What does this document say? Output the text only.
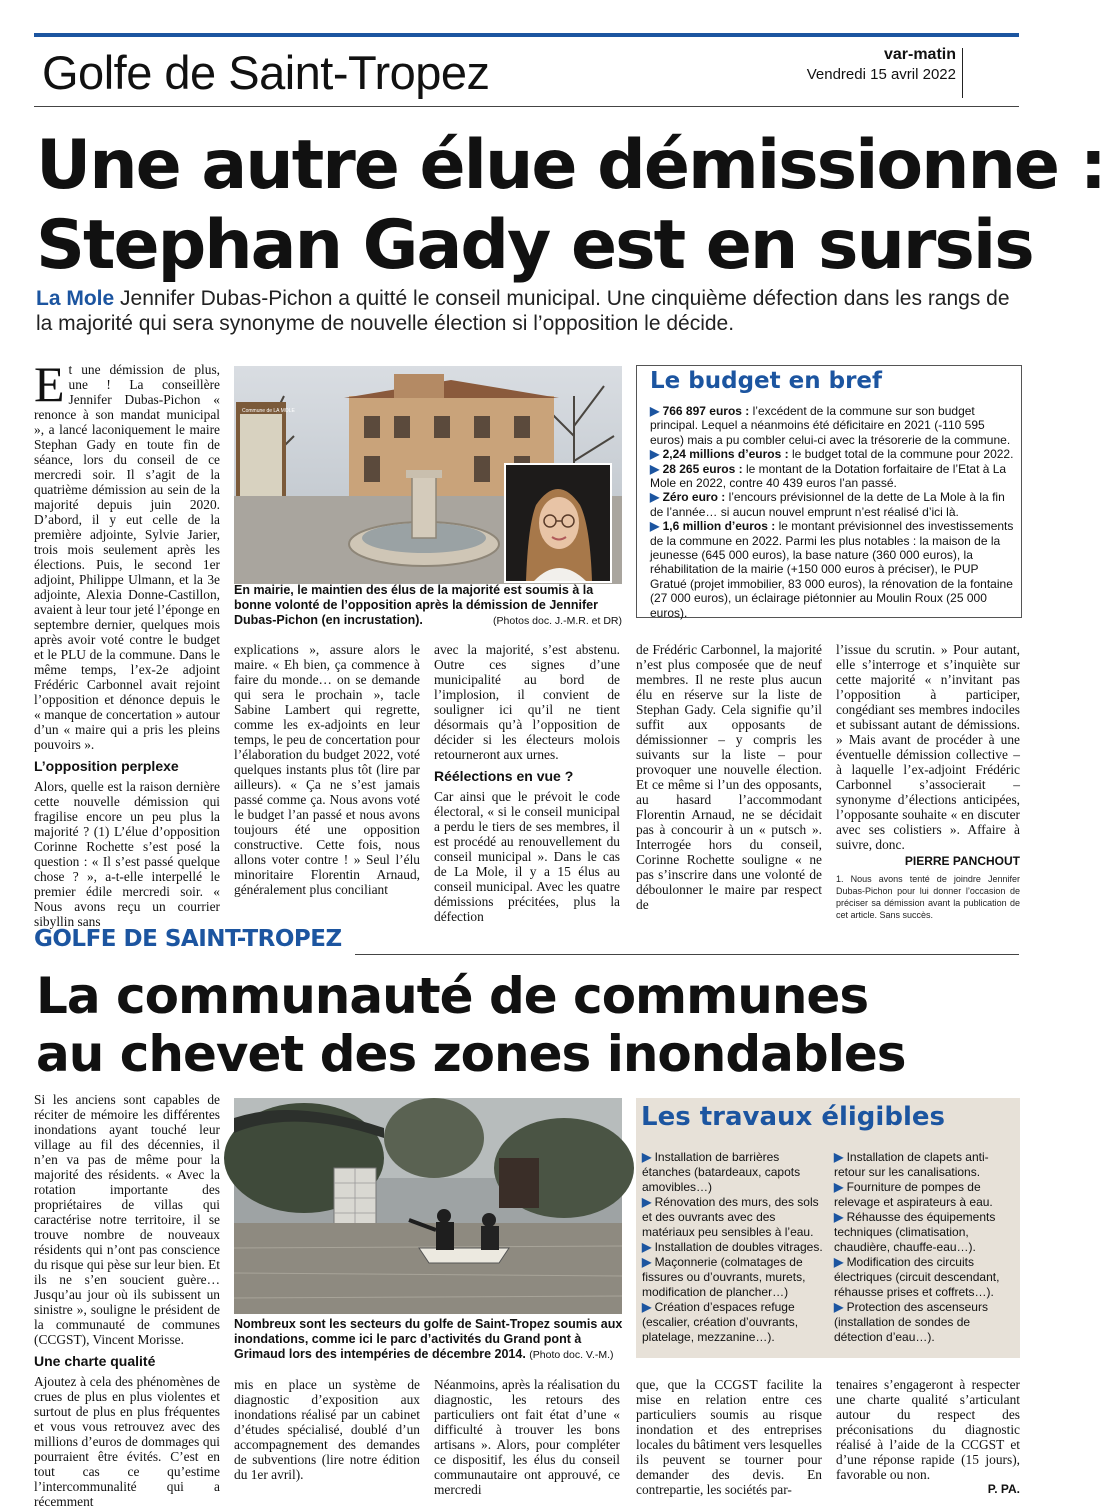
Golfe de Saint-Tropez	var-matin
Vendredi 15 avril 2022
Une autre élue démissionne :
Stephan Gady est en sursis
La Mole Jennifer Dubas-Pichon a quitté le conseil municipal. Une cinquième défection dans les rangs de la majorité qui sera synonyme de nouvelle élection si l’opposition le décide.
E t une démission de plus, une ! La conseillère Jennifer Dubas-Pichon « renonce à son mandat municipal », a lancé laconiquement le maire Stephan Gady en toute fin de séance, lors du conseil de ce mercredi soir. Il s’agit de la quatrième démission au sein de la majorité depuis juin 2020. D’abord, il y eut celle de la première adjointe, Sylvie Jarier, trois mois seulement après les élections. Puis, le second 1er adjoint, Philippe Ulmann, et la 3e adjointe, Alexia Donne-Castillon, avaient à leur tour jeté l’éponge en septembre dernier, quelques mois après avoir voté contre le budget et le PLU de la commune. Dans le même temps, l’ex-2e adjoint Frédéric Carbonnel avait rejoint l’opposition et dénonce depuis le « manque de concertation » autour d’un « maire qui a pris les pleins pouvoirs ».

L’opposition perplexe

Alors, quelle est la raison dernière cette nouvelle démission qui fragilise encore un peu plus la majorité ? (1) L’élue d’opposition Corinne Rochette s’est posé la question : « Il s’est passé quelque chose ? », a-t-elle interpellé le premier édile mercredi soir. « Nous avons reçu un courrier sibyllin sans

Commune de LA MOLE
En mairie, le maintien des élus de la majorité est soumis à la bonne volonté de l’opposition après la démission de Jennifer Dubas-Pichon (en incrustation).	(Photos doc. J.-M.R. et DR)
Le budget en bref
▶ 766 897 euros : l’excédent de la commune sur son budget principal. Lequel a néanmoins été déficitaire en 2021 (-110 595 euros) mais a pu combler celui-ci avec la trésorerie de la commune.
▶ 2,24 millions d’euros : le budget total de la commune pour 2022.
▶ 28 265 euros : le montant de la Dotation forfaitaire de l’Etat à La Mole en 2022, contre 40 439 euros l’an passé.
▶ Zéro euro : l’encours prévisionnel de la dette de La Mole à la fin de l’année… si aucun nouvel emprunt n’est réalisé d’ici là.
▶ 1,6 million d’euros : le montant prévisionnel des investissements de la commune en 2022. Parmi les plus notables : la maison de la jeunesse (645 000 euros), la base nature (360 000 euros), la réhabilitation de la mairie (+150 000 euros à préciser), le PUP Gratué (projet immobilier, 83 000 euros), la rénovation de la fontaine (27 000 euros), un éclairage piétonnier au Moulin Roux (25 000 euros).

explications », assure alors le maire. « Eh bien, ça commence à faire du monde… on se demande qui sera le prochain », tacle Sabine Lambert qui regrette, comme les ex-adjoints en leur temps, le peu de concertation pour l’élaboration du budget 2022, voté quelques instants plus tôt (lire par ailleurs). « Ça ne s’est jamais passé comme ça. Nous avons voté le budget l’an passé et nous avons toujours été une opposition constructive. Cette fois, nous allons voter contre ! » Seul l’élu minoritaire Florentin Arnaud, généralement plus conciliant

avec la majorité, s’est abstenu. Outre ces signes d’une municipalité au bord de l’implosion, il convient de souligner ici qu’il ne tient désormais qu’à l’opposition de décider si les électeurs molois retourneront aux urnes.

Réélections en vue ?

Car ainsi que le prévoit le code électoral, « si le conseil municipal a perdu le tiers de ses membres, il est procédé au renouvellement du conseil municipal ». Dans le cas de La Mole, il y a 15 élus au conseil municipal. Avec les quatre démissions précitées, plus la défection

de Frédéric Carbonnel, la majorité n’est plus composée que de neuf membres. Il ne reste plus aucun élu en réserve sur la liste de Stephan Gady. Cela signifie qu’il suffit aux opposants de démissionner – y compris les suivants sur la liste – pour provoquer une nouvelle élection. Et ce même si l’un des opposants, au hasard l’accommodant Florentin Arnaud, ne se décidait pas à concourir à un « putsch ». Interrogée hors du conseil, Corinne Rochette souligne « ne pas s’inscrire dans une volonté de déboulonner le maire par respect de

l’issue du scrutin. » Pour autant, elle s’interroge et s’inquiète sur cette majorité « n’invitant pas l’opposition à participer, congédiant ses membres indociles et subissant autant de démissions. » Mais avant de procéder à une éventuelle démission collective – à laquelle l’ex-adjoint Frédéric Carbonnel s’associerait – synonyme d’élections anticipées, l’opposante souhaite « en discuter avec ses colistiers ». Affaire à suivre, donc.

PIERRE PANCHOUT
1. Nous avons tenté de joindre Jennifer Dubas-Pichon pour lui donner l’occasion de préciser sa démission avant la publication de cet article. Sans succès.
GOLFE DE SAINT-TROPEZ
La communauté de communes
au chevet des zones inondables

Si les anciens sont capables de réciter de mémoire les différentes inondations ayant touché leur village au fil des décennies, il n’en va pas de même pour la majorité des résidents. « Avec la rotation importante des propriétaires de villas qui caractérise notre territoire, il se trouve nombre de nouveaux résidents qui n’ont pas conscience du risque qui pèse sur leur bien. Et ils ne s’en soucient guère… Jusqu’au jour où ils subissent un sinistre », souligne le président de la communauté de communes (CCGST), Vincent Morisse.

Une charte qualité

Ajoutez à cela des phénomènes de crues de plus en plus violentes et surtout de plus en plus fréquentes et vous vous retrouvez avec des millions d’euros de dommages qui pourraient être évités. C’est en tout cas ce qu’estime l’intercommunalité qui a récemment

Nombreux sont les secteurs du golfe de Saint-Tropez soumis aux inondations, comme ici le parc d’activités du Grand pont à Grimaud lors des intempéries de décembre 2014. (Photo doc. V.-M.)
Les travaux éligibles
▶ Installation de barrières étanches (batardeaux, capots amovibles…)
▶ Rénovation des murs, des sols et des ouvrants avec des matériaux peu sensibles à l’eau.
▶ Installation de doubles vitrages.
▶ Maçonnerie (colmatages de fissures ou d’ouvrants, murets, modification de plancher…)
▶ Création d’espaces refuge (escalier, création d’ouvrants, platelage, mezzanine…).
▶ Installation de clapets anti-retour sur les canalisations.
▶ Fourniture de pompes de relevage et aspirateurs à eau.
▶ Réhausse des équipements techniques (climatisation, chaudière, chauffe-eau…).
▶ Modification des circuits électriques (circuit descendant, réhausse prises et coffrets…).
▶ Protection des ascenseurs (installation de sondes de détection d’eau…).

mis en place un système de diagnostic d’exposition aux inondations réalisé par un cabinet d’études spécialisé, doublé d’un accompagnement des demandes de subventions (lire notre édition du 1er avril).

Néanmoins, après la réalisation du diagnostic, les retours des particuliers ont fait état d’une « difficulté à trouver les bons artisans ». Alors, pour compléter ce dispositif, les élus du conseil communautaire ont approuvé, ce mercredi

que, que la CCGST facilite la mise en relation entre ces particuliers soumis au risque inondation et des entreprises locales du bâtiment vers lesquelles ils peuvent se tourner pour demander des devis. En contrepartie, les sociétés par-

tenaires s’engageront à respecter une charte qualité s’articulant autour du respect des préconisations du diagnostic réalisé à l’aide de la CCGST et d’une réponse rapide (15 jours), favorable ou non.

P. PA.
